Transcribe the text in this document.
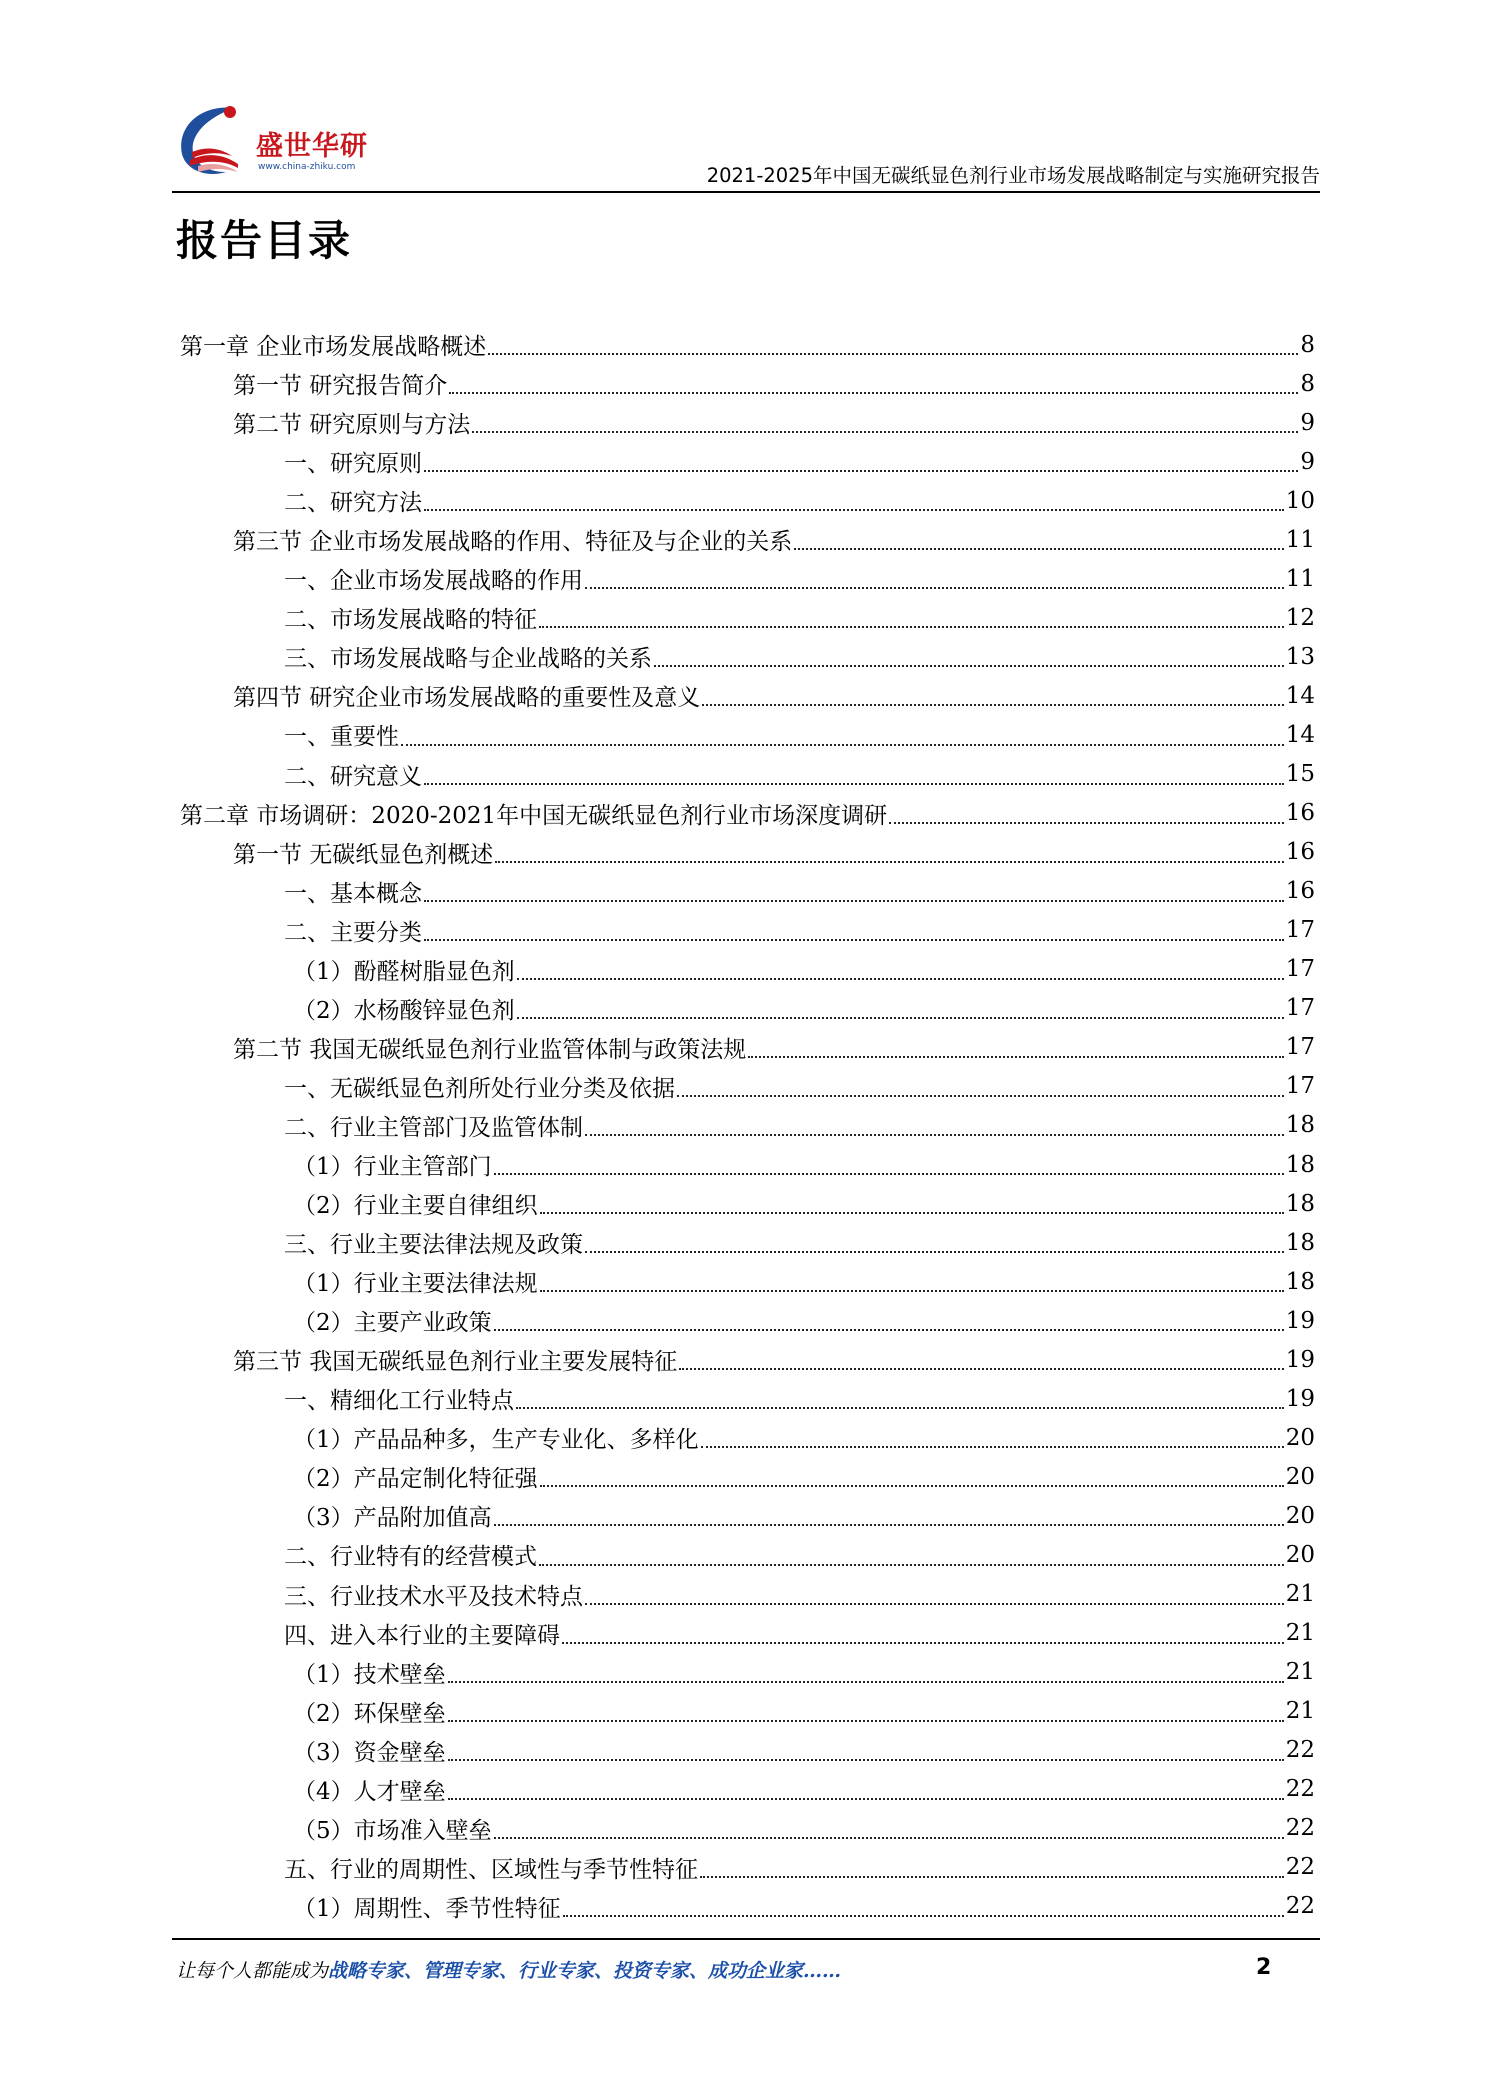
盛世华研
www.china-zhiku.com	2021-2025年中国无碳纸显色剂行业市场发展战略制定与实施研究报告
报告目录
第一章 企业市场发展战略概述	8
第一节 研究报告简介	8
第二节 研究原则与方法	9
一、研究原则	9
二、研究方法	10
第三节 企业市场发展战略的作用、特征及与企业的关系	11
一、企业市场发展战略的作用	11
二、市场发展战略的特征	12
三、市场发展战略与企业战略的关系	13
第四节 研究企业市场发展战略的重要性及意义	14
一、重要性	14
二、研究意义	15
第二章 市场调研：2020-2021年中国无碳纸显色剂行业市场深度调研	16
第一节 无碳纸显色剂概述	16
一、基本概念	16
二、主要分类	17
（1）酚醛树脂显色剂	17
（2）水杨酸锌显色剂	17
第二节 我国无碳纸显色剂行业监管体制与政策法规	17
一、无碳纸显色剂所处行业分类及依据	17
二、行业主管部门及监管体制	18
（1）行业主管部门	18
（2）行业主要自律组织	18
三、行业主要法律法规及政策	18
（1）行业主要法律法规	18
（2）主要产业政策	19
第三节 我国无碳纸显色剂行业主要发展特征	19
一、精细化工行业特点	19
（1）产品品种多，生产专业化、多样化	20
（2）产品定制化特征强	20
（3）产品附加值高	20
二、行业特有的经营模式	20
三、行业技术水平及技术特点	21
四、进入本行业的主要障碍	21
（1）技术壁垒	21
（2）环保壁垒	21
（3）资金壁垒	22
（4）人才壁垒	22
（5）市场准入壁垒	22
五、行业的周期性、区域性与季节性特征	22
（1）周期性、季节性特征	22
让每个人都能成为战略专家、管理专家、行业专家、投资专家、成功企业家……	2
